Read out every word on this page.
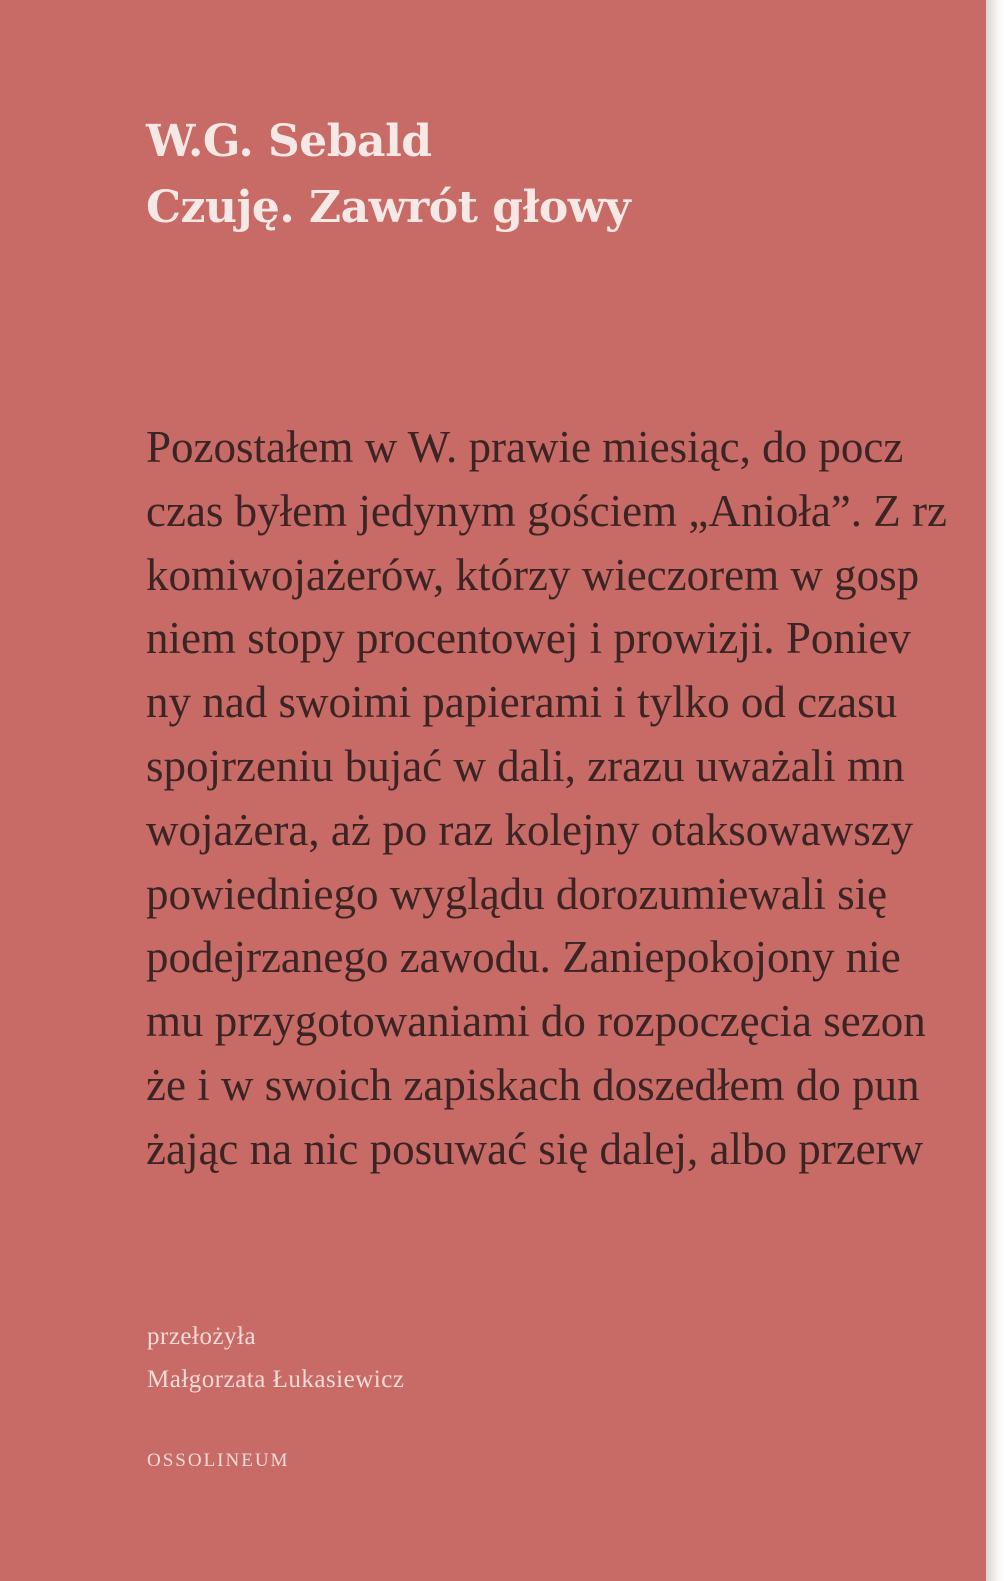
W.G. Sebald
Czuję. Zawrót głowy
Pozostałem w W. prawie miesiąc, do pocz
czas byłem jedynym gościem „Anioła”. Z rz
komiwojażerów, którzy wieczorem w gosp
niem stopy procentowej i prowizji. Poniev
ny nad swoimi papierami i tylko od czasu
spojrzeniu bujać w dali, zrazu uważali mn
wojażera, aż po raz kolejny otaksowawszy
powiedniego wyglądu dorozumiewali się
podejrzanego zawodu. Zaniepokojony nie
mu przygotowaniami do rozpoczęcia sezon
że i w swoich zapiskach doszedłem do pun
żając na nic posuwać się dalej, albo przerw

przełożyła

Małgorzata Łukasiewicz

OSSOLINEUM
